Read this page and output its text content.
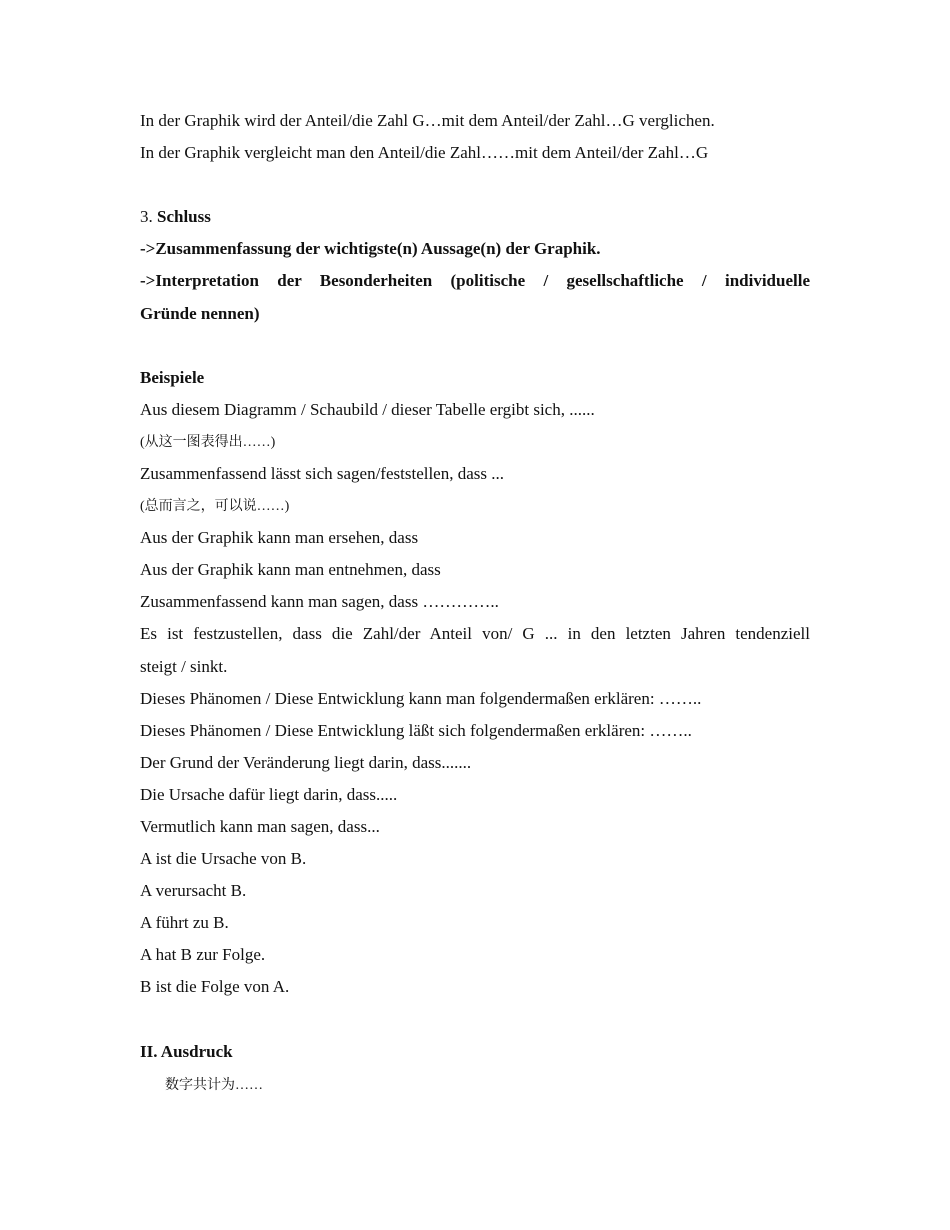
In der Graphik wird der Anteil/die Zahl G…mit dem Anteil/der Zahl…G verglichen.
In der Graphik vergleicht man den Anteil/die Zahl……mit dem Anteil/der Zahl…G
3. Schluss
->Zusammenfassung der wichtigste(n) Aussage(n) der Graphik.
->Interpretation der Besonderheiten (politische / gesellschaftliche / individuelle
Gründe nennen)
Beispiele
Aus diesem Diagramm / Schaubild / dieser Tabelle ergibt sich, ......
(从这一图表得出……)
Zusammenfassend lässt sich sagen/feststellen, dass ...
(总而言之，可以说……)
Aus der Graphik kann man ersehen, dass
Aus der Graphik kann man entnehmen, dass
Zusammenfassend kann man sagen, dass …………..
Es ist festzustellen, dass die Zahl/der Anteil von/ G ... in den letzten Jahren tendenziell
steigt / sinkt.
Dieses Phänomen / Diese Entwicklung kann man folgendermaßen erklären: ……..
Dieses Phänomen / Diese Entwicklung läßt sich folgendermaßen erklären: ……..
Der Grund der Veränderung liegt darin, dass.......
Die Ursache dafür liegt darin, dass.....
Vermutlich kann man sagen, dass...
A ist die Ursache von B.
A verursacht B.
A führt zu B.
A hat B zur Folge.
B ist die Folge von A.
II. Ausdruck
数字共计为……
